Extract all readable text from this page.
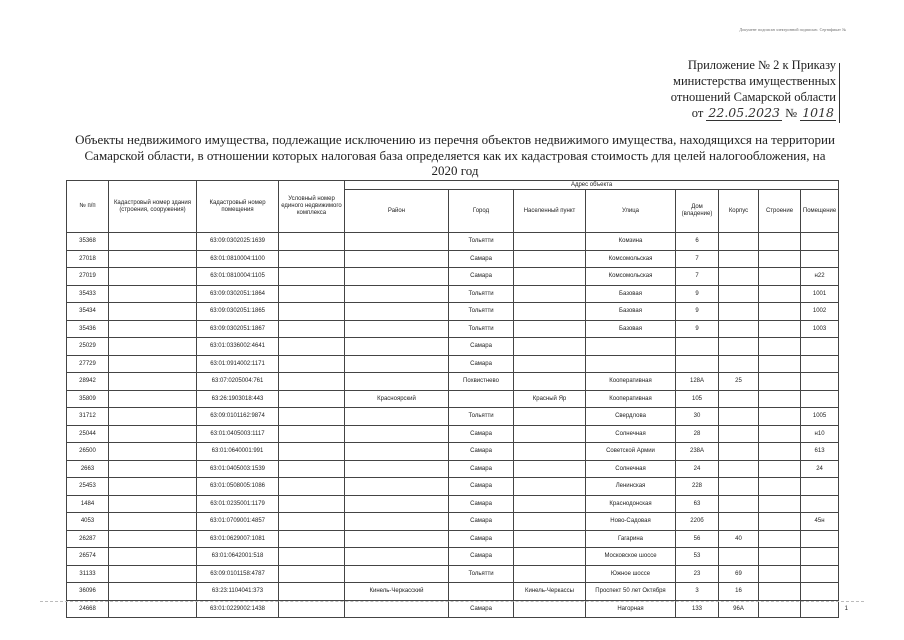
Документ подписан электронной подписью. Сертификат №
Приложение № 2 к Приказу
министерства имущественных
отношений Самарской области
от 22.05.2023 № 1018
Объекты недвижимого имущества, подлежащие исключению из перечня объектов недвижимого имущества, находящихся на территории Самарской области, в отношении которых налоговая база определяется как их кадастровая стоимость для целей налогообложения, на 2020 год
№ п/п	Кадастровый номер здания (строения, сооружения)	Кадастровый номер помещения	Условный номер единого недвижимого комплекса	Адрес объекта							
				Район	Город	Населенный пункт	Улица	Дом (владение)	Корпус	Строение	Помещение
35368		63:09:0302025:1639			Тольятти		Комзина	6			
27018		63:01:0810004:1100			Самара		Комсомольская	7			
27019		63:01:0810004:1105			Самара		Комсомольская	7			н22
35433		63:09:0302051:1864			Тольятти		Базовая	9			1001
35434		63:09:0302051:1865			Тольятти		Базовая	9			1002
35436		63:09:0302051:1867			Тольятти		Базовая	9			1003
25029		63:01:0336002:4641			Самара						
27729		63:01:0914002:1171			Самара						
28942		63:07:0205004:761			Похвистнево		Кооперативная	128А	25		
35809		63:26:1903018:443		Красноярский		Красный Яр	Кооперативная	105			
31712		63:09:0101162:9874			Тольятти		Свердлова	30			1005
25044		63:01:0405003:1117			Самара		Солнечная	28			н10
26500		63:01:0640001:991			Самара		Советской Армии	238А			613
2663		63:01:0405003:1539			Самара		Солнечная	24			24
25453		63:01:0508005:1086			Самара		Ленинская	228			
1484		63:01:0235001:1179			Самара		Краснодонская	63			
4053		63:01:0709001:4857			Самара		Ново-Садовая	220б			45н
26287		63:01:0629007:1081			Самара		Гагарина	56	40		
26574		63:01:0642001:518			Самара		Московское шоссе	53			
31133		63:09:0101158:4787			Тольятти		Южное шоссе	23	69		
36096		63:23:1104041:373		Кинель-Черкасский		Кинель-Черкассы	Проспект 50 лет Октября	3	16		
24668		63:01:0229002:1438			Самара		Нагорная	133	96А			1
